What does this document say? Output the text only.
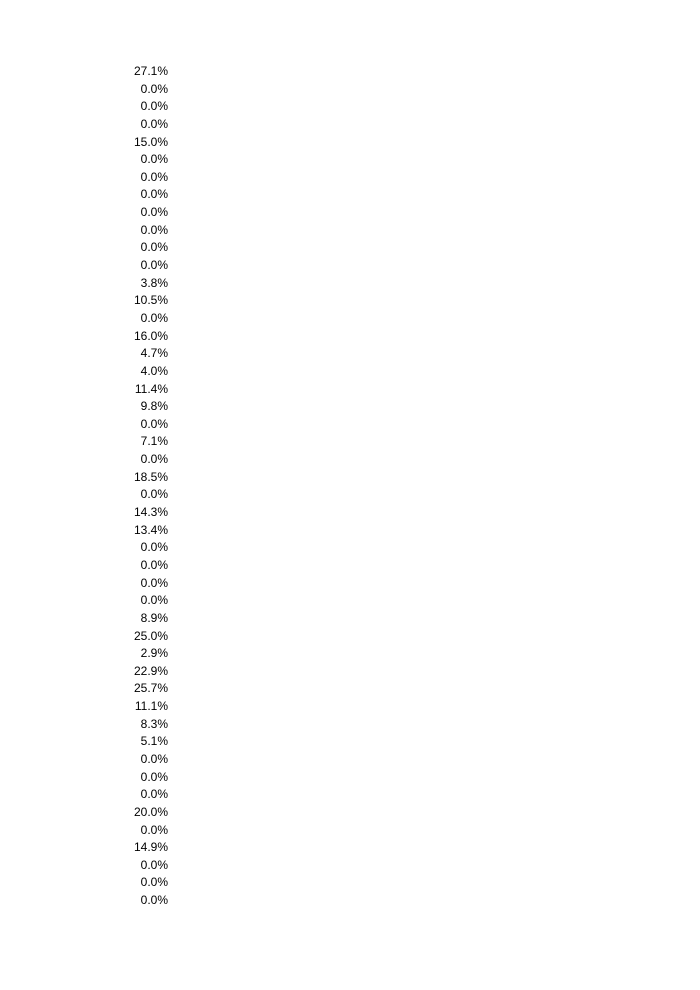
27.1%
0.0%
0.0%
0.0%
15.0%
0.0%
0.0%
0.0%
0.0%
0.0%
0.0%
0.0%
3.8%
10.5%
0.0%
16.0%
4.7%
4.0%
11.4%
9.8%
0.0%
7.1%
0.0%
18.5%
0.0%
14.3%
13.4%
0.0%
0.0%
0.0%
0.0%
8.9%
25.0%
2.9%
22.9%
25.7%
11.1%
8.3%
5.1%
0.0%
0.0%
0.0%
20.0%
0.0%
14.9%
0.0%
0.0%
0.0%
